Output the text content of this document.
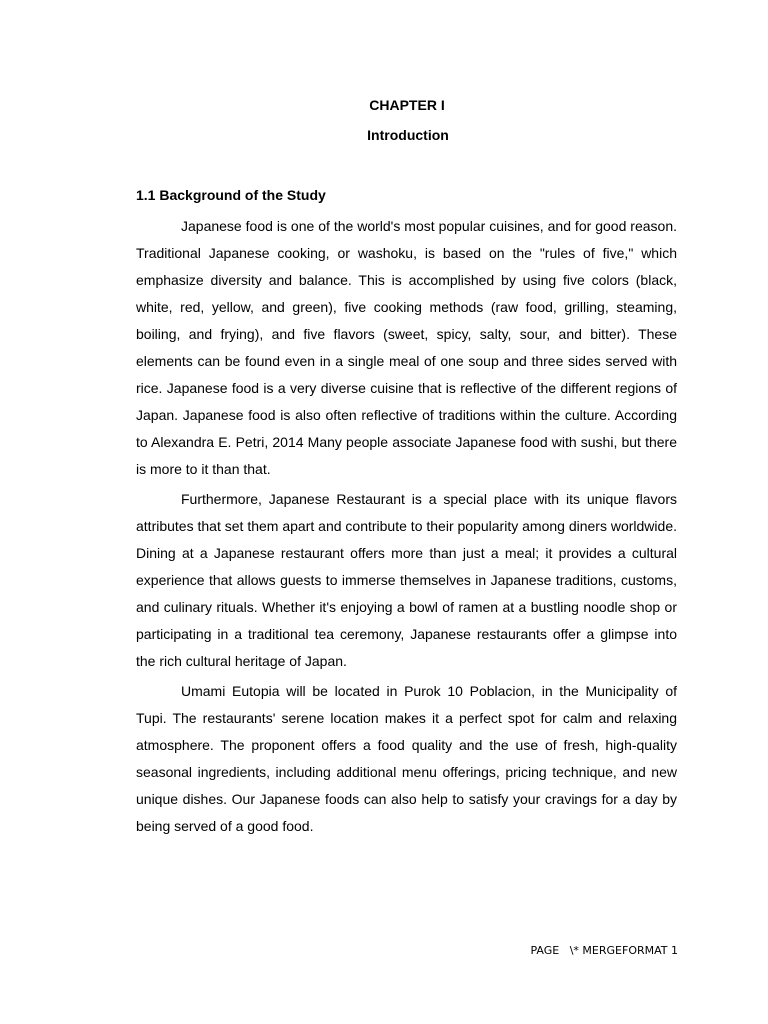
CHAPTER I
Introduction
1.1 Background of the Study

Japanese food is one of the world's most popular cuisines, and for good reason. Traditional Japanese cooking, or washoku, is based on the "rules of five," which emphasize diversity and balance. This is accomplished by using five colors (black, white, red, yellow, and green), five cooking methods (raw food, grilling, steaming, boiling, and frying), and five flavors (sweet, spicy, salty, sour, and bitter). These elements can be found even in a single meal of one soup and three sides served with rice. Japanese food is a very diverse cuisine that is reflective of the different regions of Japan. Japanese food is also often reflective of traditions within the culture. According to Alexandra E. Petri, 2014 Many people associate Japanese food with sushi, but there is more to it than that.

Furthermore, Japanese Restaurant is a special place with its unique flavors attributes that set them apart and contribute to their popularity among diners worldwide. Dining at a Japanese restaurant offers more than just a meal; it provides a cultural experience that allows guests to immerse themselves in Japanese traditions, customs, and culinary rituals. Whether it's enjoying a bowl of ramen at a bustling noodle shop or participating in a traditional tea ceremony, Japanese restaurants offer a glimpse into the rich cultural heritage of Japan.

Umami Eutopia will be located in Purok 10 Poblacion, in the Municipality of Tupi. The restaurants' serene location makes it a perfect spot for calm and relaxing atmosphere. The proponent offers a food quality and the use of fresh, high-quality seasonal ingredients, including additional menu offerings, pricing technique, and new unique dishes. Our Japanese foods can also help to satisfy your cravings for a day by being served of a good food.

PAGE   \* MERGEFORMAT 1
